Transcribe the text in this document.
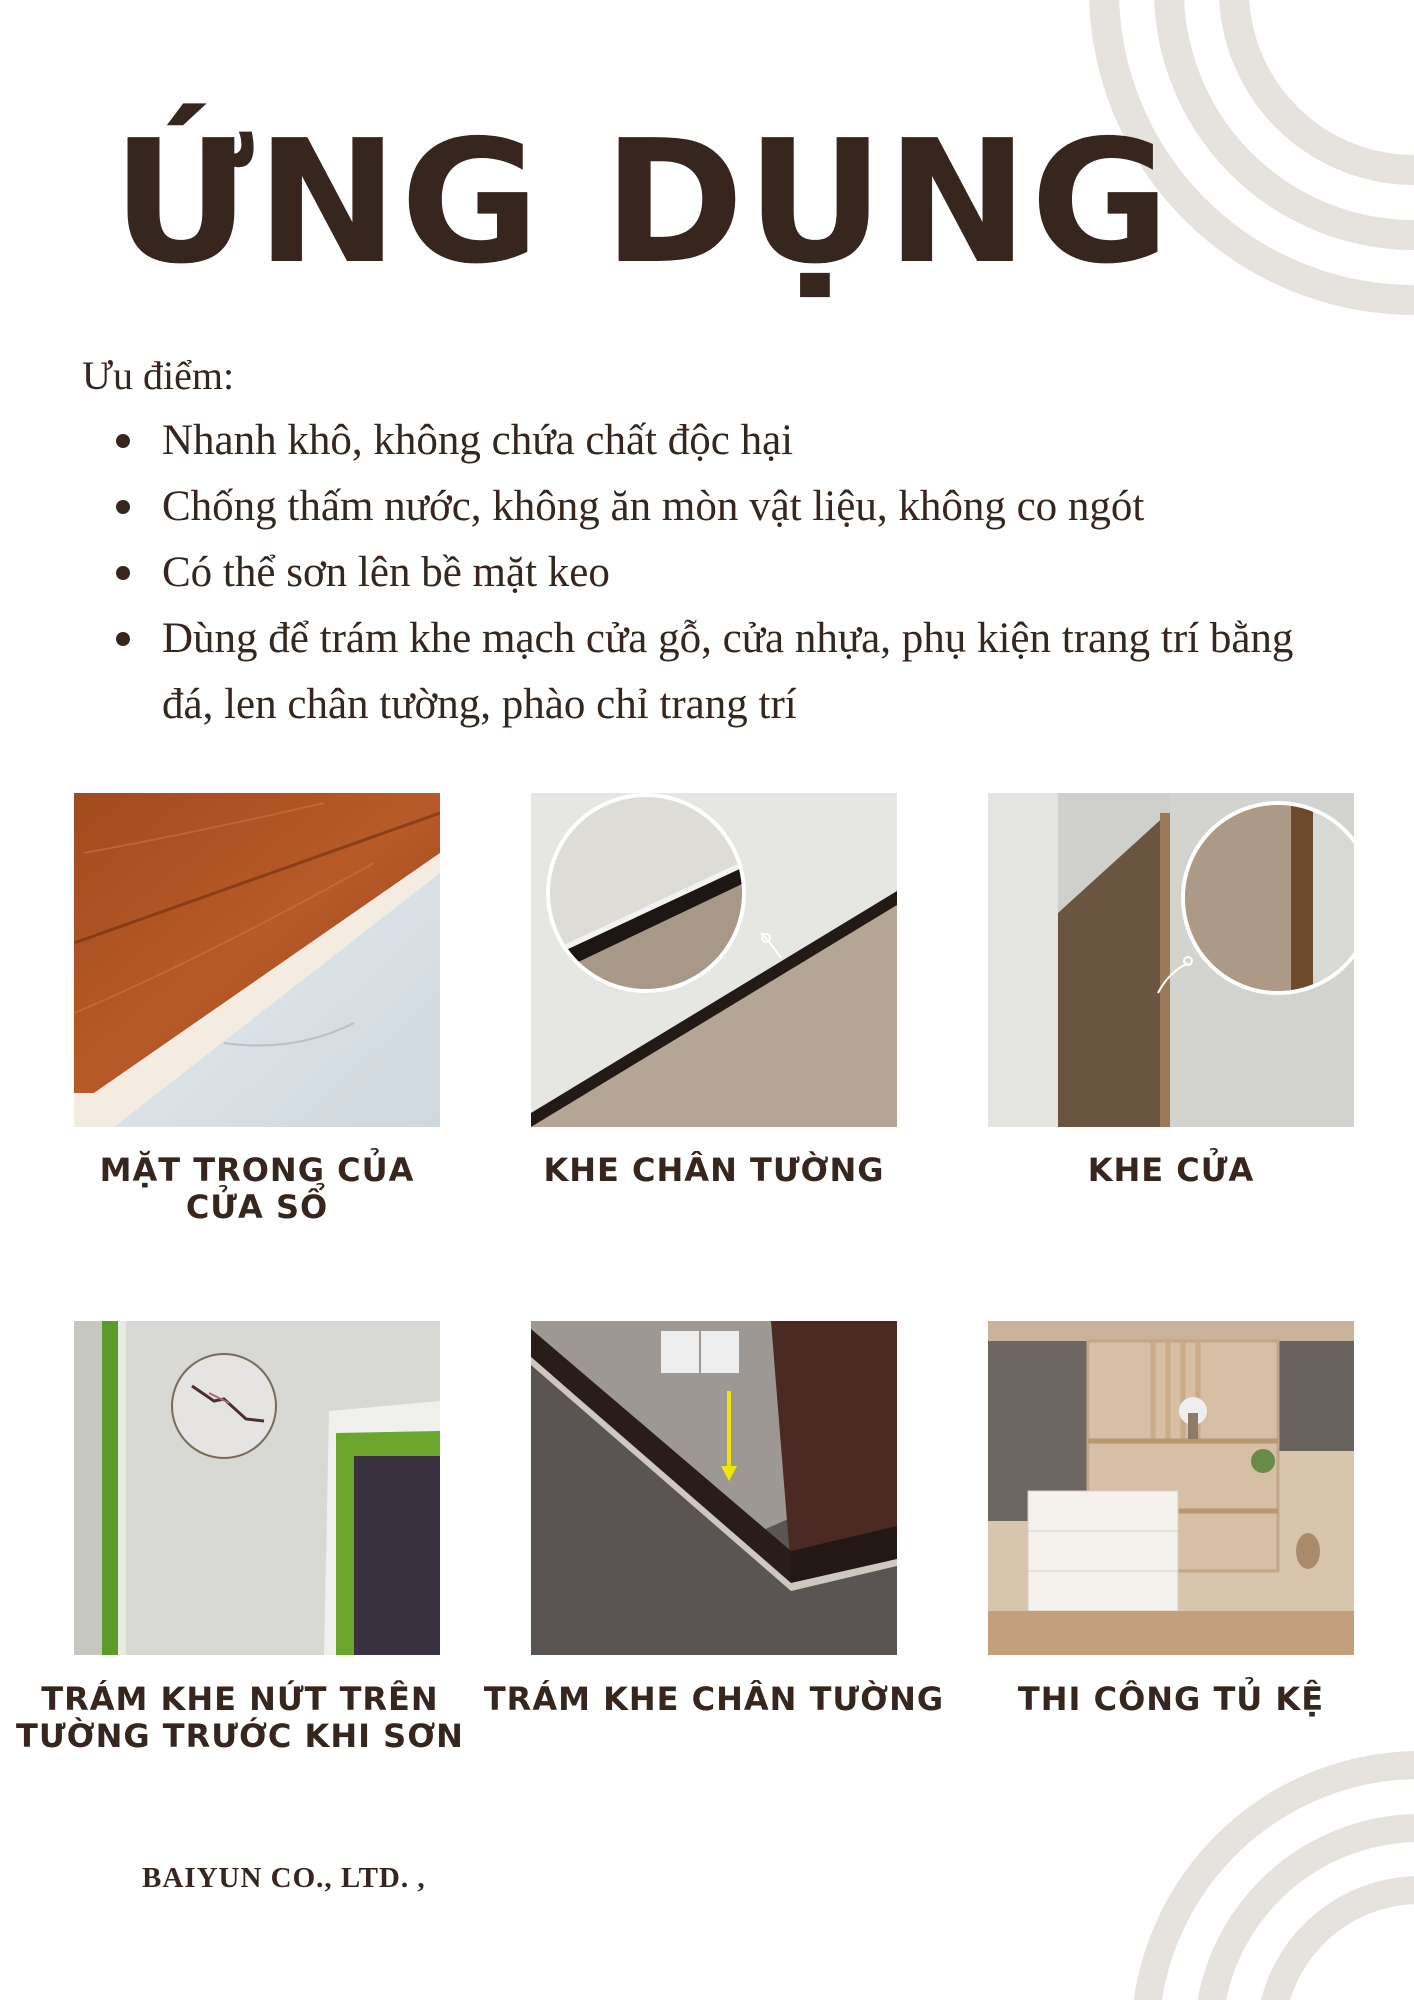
ỨNG DỤNG
Ưu điểm:
Nhanh khô, không chứa chất độc hại
Chống thấm nước, không ăn mòn vật liệu, không co ngót
Có thể sơn lên bề mặt keo
Dùng để trám khe mạch cửa gỗ, cửa nhựa, phụ kiện trang trí bằng đá, len chân tường, phào chỉ trang trí
MẶT TRONG CỦA
CỬA SỔ
KHE CHÂN TƯỜNG	KHE CỬA
TRÁM KHE NỨT TRÊN
TƯỜNG TRƯỚC KHI SƠN
TRÁM KHE CHÂN TƯỜNG	THI CÔNG TỦ KỆ
BAIYUN CO., LTD. ,
